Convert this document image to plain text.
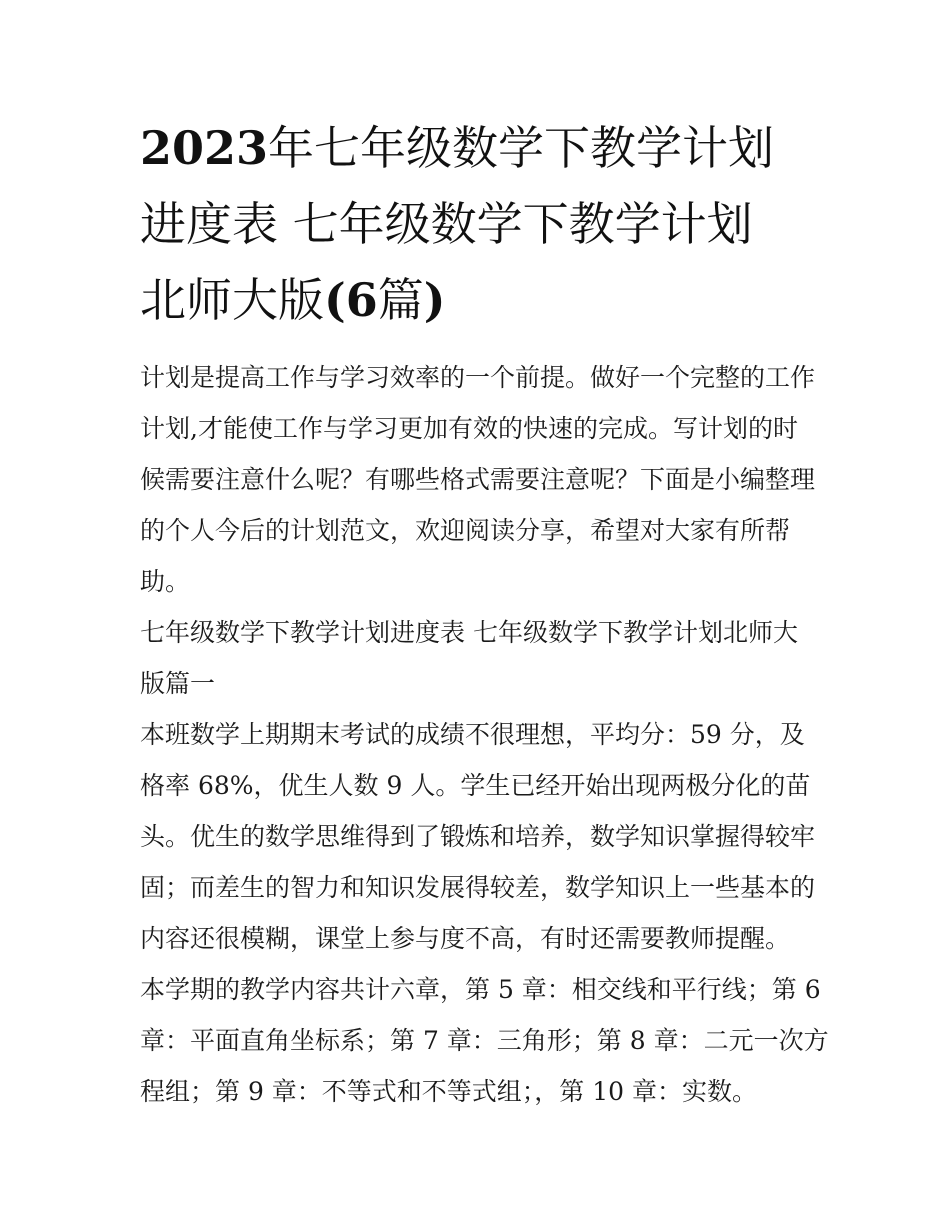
2023年七年级数学下教学计划
进度表 七年级数学下教学计划
北师大版(6篇)

计划是提高工作与学习效率的一个前提。做好一个完整的工作
计划,才能使工作与学习更加有效的快速的完成。写计划的时
候需要注意什么呢？有哪些格式需要注意呢？下面是小编整理
的个人今后的计划范文，欢迎阅读分享，希望对大家有所帮
助。

七年级数学下教学计划进度表 七年级数学下教学计划北师大
版篇一

本班数学上期期末考试的成绩不很理想，平均分：59 分，及
格率 68%，优生人数 9 人。学生已经开始出现两极分化的苗
头。优生的数学思维得到了锻炼和培养，数学知识掌握得较牢
固；而差生的智力和知识发展得较差，数学知识上一些基本的
内容还很模糊，课堂上参与度不高，有时还需要教师提醒。

本学期的教学内容共计六章，第 5 章：相交线和平行线；第 6
章：平面直角坐标系；第 7 章：三角形；第 8 章：二元一次方
程组；第 9 章：不等式和不等式组；，第 10 章：实数。
